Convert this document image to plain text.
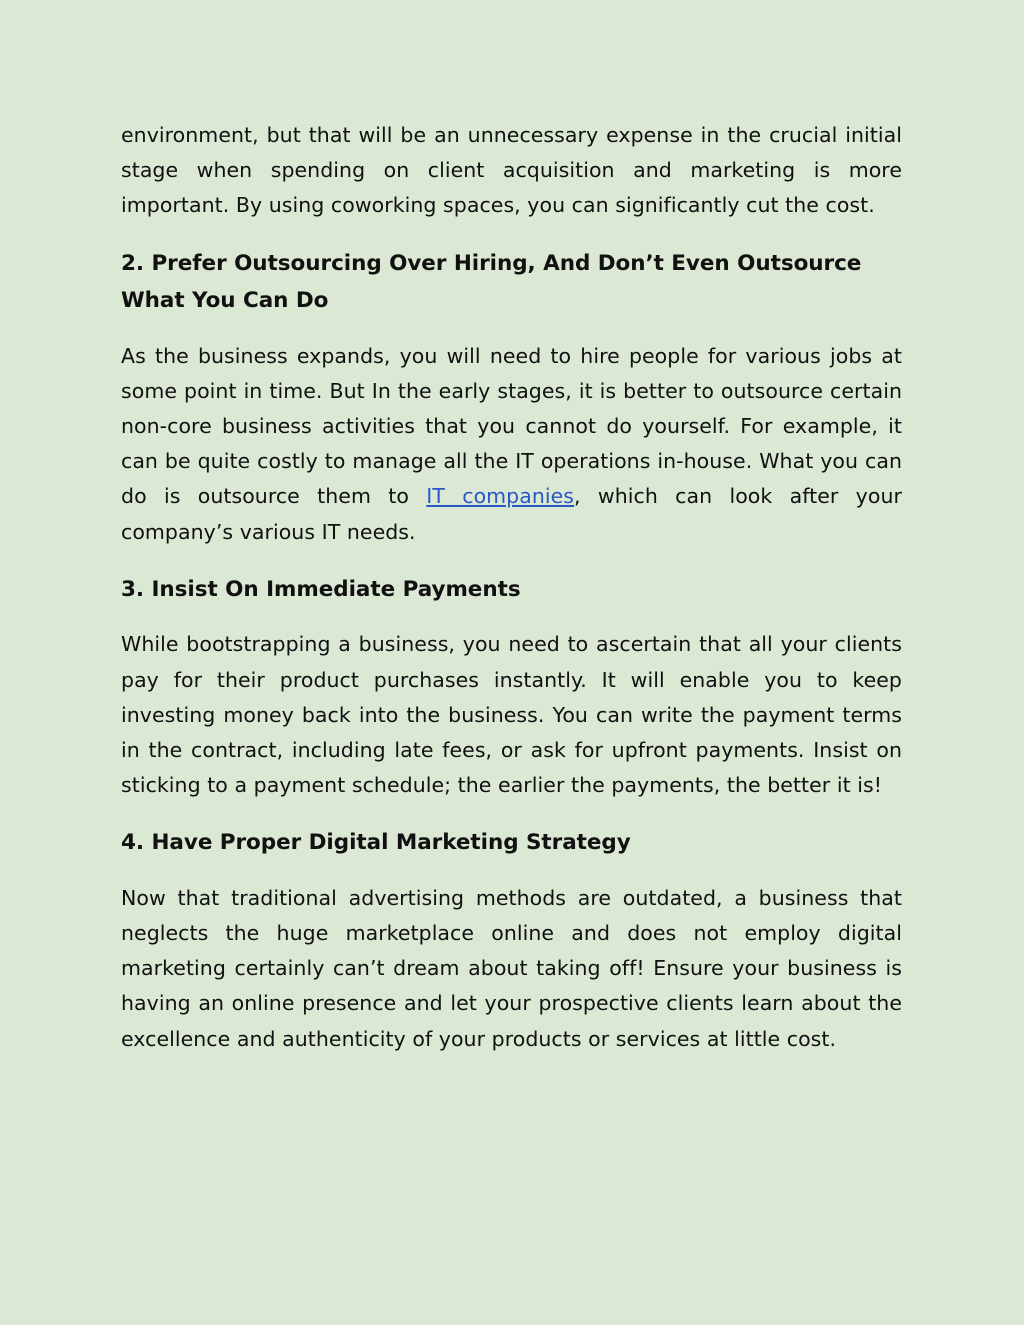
environment, but that will be an unnecessary expense in the crucial initial stage when spending on client acquisition and marketing is more important. By using coworking spaces, you can significantly cut the cost.

2. Prefer Outsourcing Over Hiring, And Don’t Even Outsource What You Can Do

As the business expands, you will need to hire people for various jobs at some point in time. But In the early stages, it is better to outsource certain non-core business activities that you cannot do yourself. For example, it can be quite costly to manage all the IT operations in-house. What you can do is outsource them to IT companies, which can look after your company’s various IT needs.

3. Insist On Immediate Payments

While bootstrapping a business, you need to ascertain that all your clients pay for their product purchases instantly. It will enable you to keep investing money back into the business. You can write the payment terms in the contract, including late fees, or ask for upfront payments. Insist on sticking to a payment schedule; the earlier the payments, the better it is!

4. Have Proper Digital Marketing Strategy

Now that traditional advertising methods are outdated, a business that neglects the huge marketplace online and does not employ digital marketing certainly can’t dream about taking off! Ensure your business is having an online presence and let your prospective clients learn about the excellence and authenticity of your products or services at little cost.
